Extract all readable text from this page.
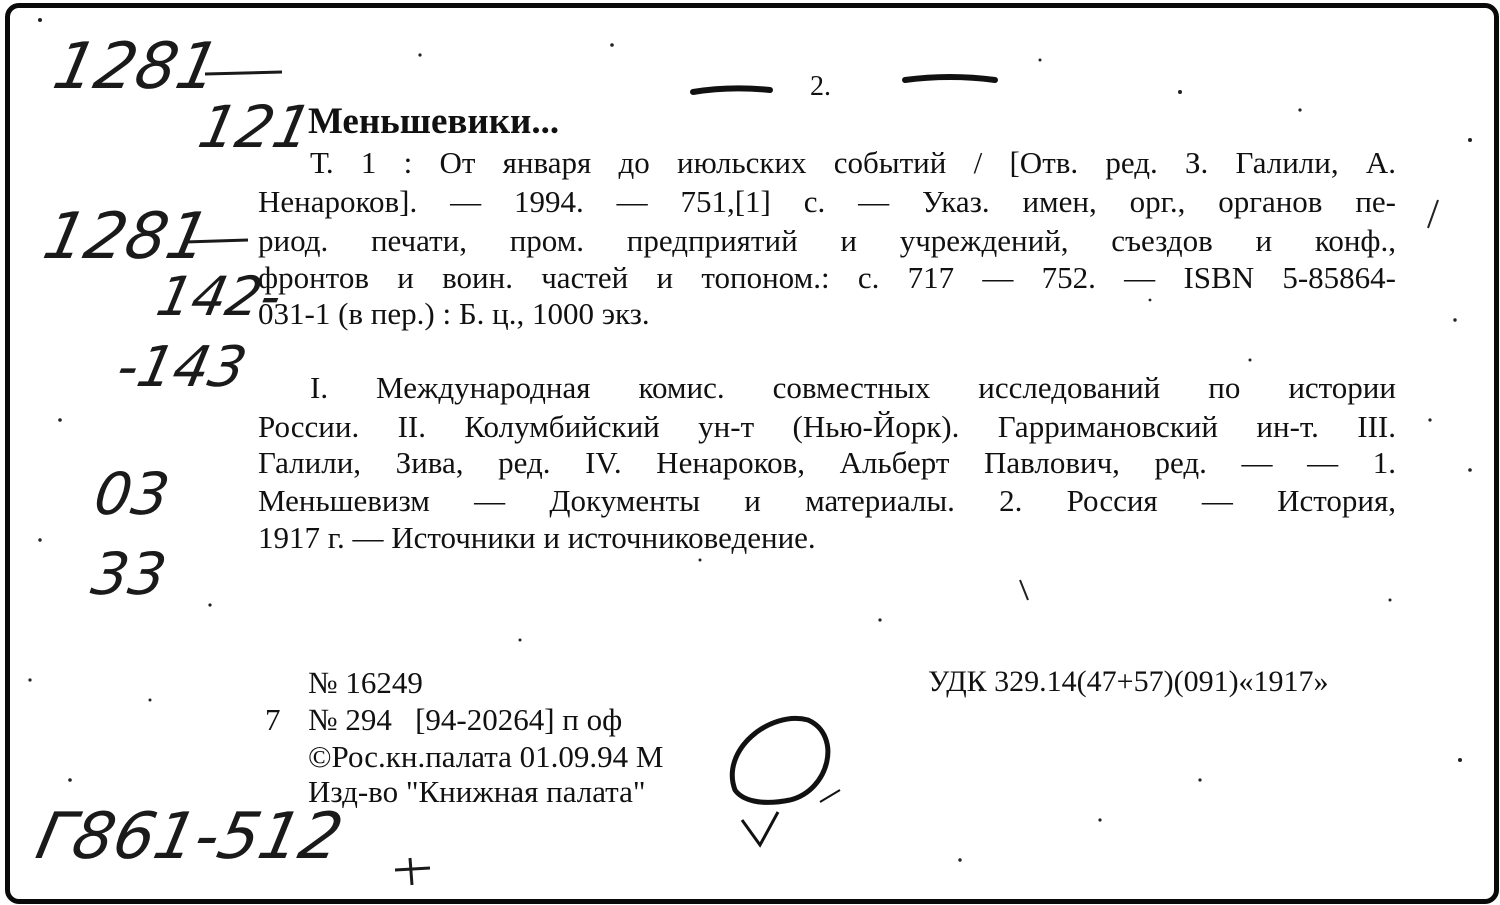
2.
Меньшевики...
Т. 1 : От января до июльских событий / [Отв. ред. З. Галили, А.
Ненароков]. — 1994. — 751,[1] с. — Указ. имен, орг., органов пе-
риод. печати, пром. предприятий и учреждений, съездов и конф.,
фронтов и воин. частей и топоном.: с. 717 — 752. — ISBN 5-85864-
031-1 (в пер.) : Б. ц., 1000 экз.
I. Международная комис. совместных исследований по истории
России. II. Колумбийский ун-т (Нью-Йорк). Гарримановский ин-т. III.
Галили, Зива, ред. IV. Ненароков, Альберт Павлович, ред. — — 1.
Меньшевизм — Документы и материалы. 2. Россия — История,
1917 г. — Источники и источниковедение.
№ 16249	УДК 329.14(47+57)(091)«1917»
7 № 294   [94-20264] п оф
©Рос.кн.палата 01.09.94 М
Изд-во "Книжная палата"
1281
121
1281
142-
-143
03
33
Г861-512
